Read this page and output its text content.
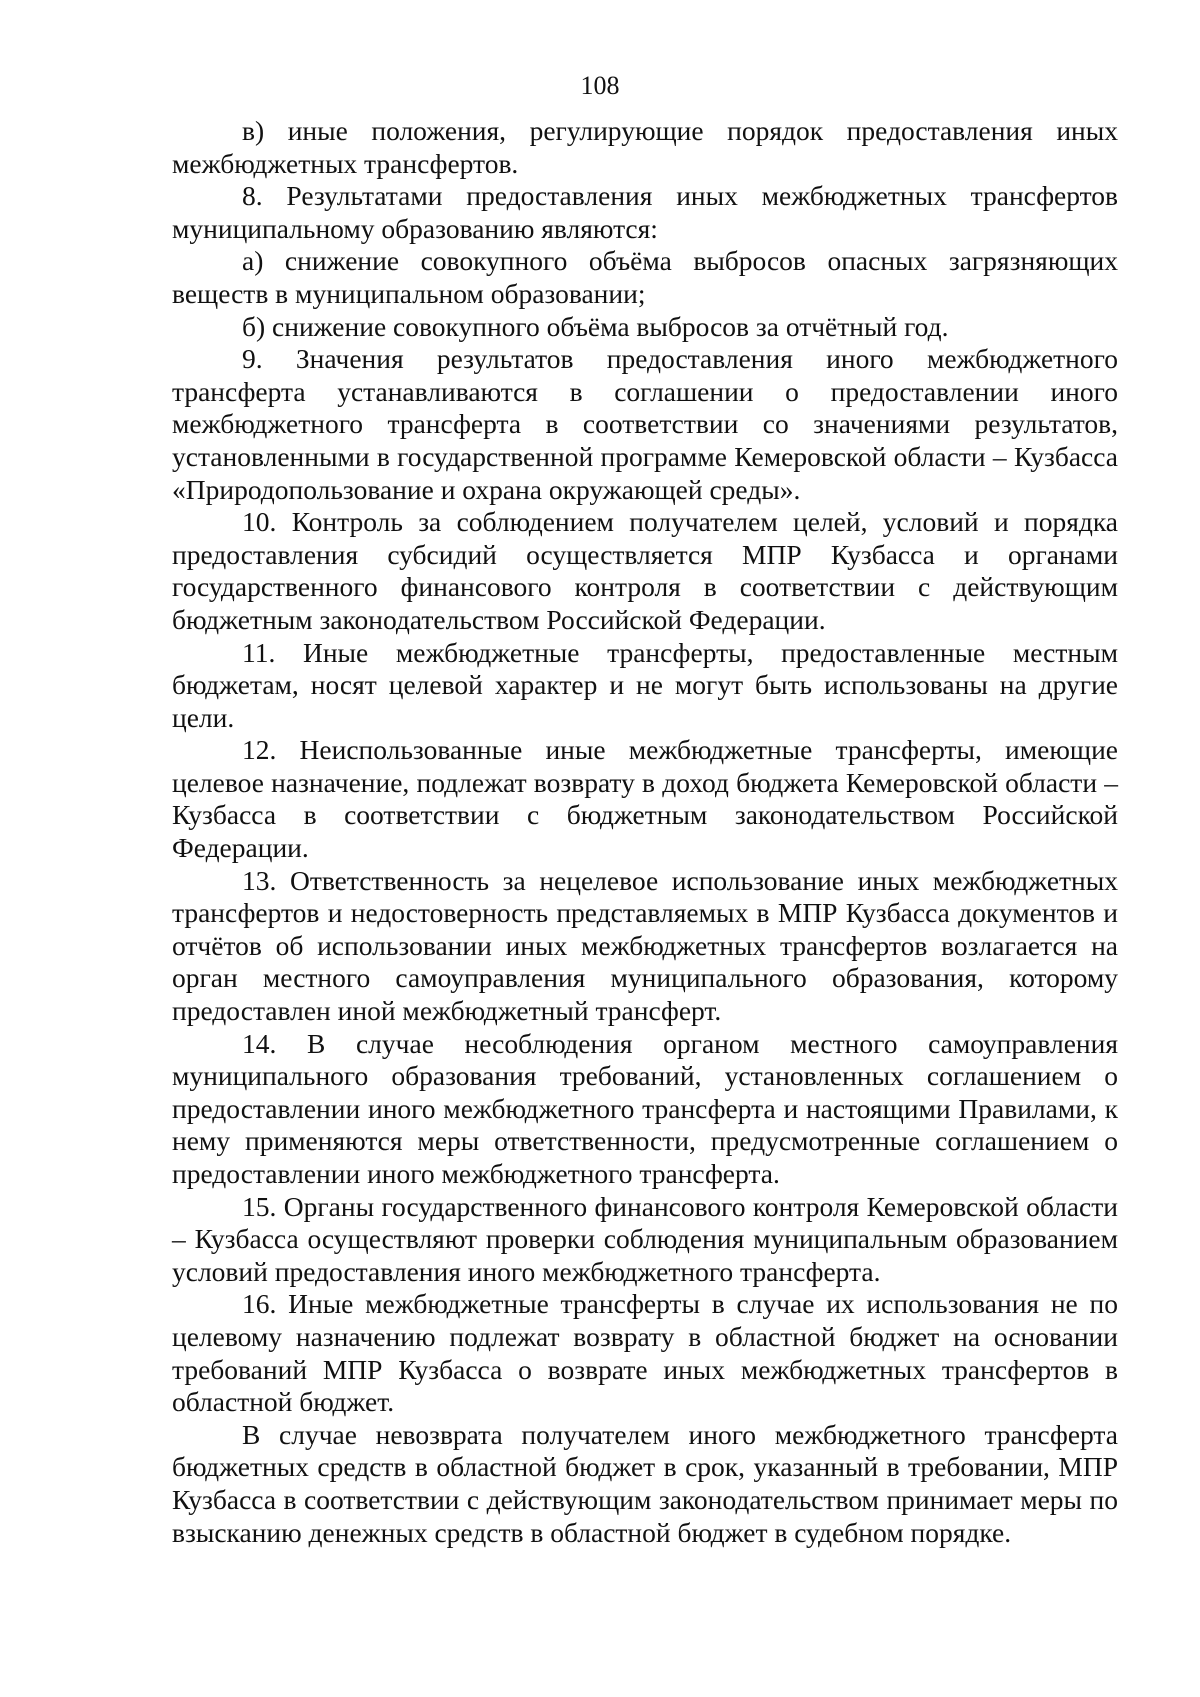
108

в) иные положения, регулирующие порядок предоставления иных межбюджетных трансфертов.

8. Результатами предоставления иных межбюджетных трансфертов муниципальному образованию являются:

а) снижение совокупного объёма выбросов опасных загрязняющих веществ в муниципальном образовании;

б) снижение совокупного объёма выбросов за отчётный год.

9. Значения результатов предоставления иного межбюджетного трансферта устанавливаются в соглашении о предоставлении иного межбюджетного трансферта в соответствии со значениями результатов, установленными в государственной программе Кемеровской области – Кузбасса «Природопользование и охрана окружающей среды».

10. Контроль за соблюдением получателем целей, условий и порядка предоставления субсидий осуществляется МПР Кузбасса и органами государственного финансового контроля в соответствии с действующим бюджетным законодательством Российской Федерации.

11. Иные межбюджетные трансферты, предоставленные местным бюджетам, носят целевой характер и не могут быть использованы на другие цели.

12. Неиспользованные иные межбюджетные трансферты, имеющие целевое назначение, подлежат возврату в доход бюджета Кемеровской области – Кузбасса в соответствии с бюджетным законодательством Российской Федерации.

13. Ответственность за нецелевое использование иных межбюджетных трансфертов и недостоверность представляемых в МПР Кузбасса документов и отчётов об использовании иных межбюджетных трансфертов возлагается на орган местного самоуправления муниципального образования, которому предоставлен иной межбюджетный трансферт.

14. В случае несоблюдения органом местного самоуправления муниципального образования требований, установленных соглашением о предоставлении иного межбюджетного трансферта и настоящими Правилами, к нему применяются меры ответственности, предусмотренные соглашением о предоставлении иного межбюджетного трансферта.

15. Органы государственного финансового контроля Кемеровской области – Кузбасса осуществляют проверки соблюдения муниципальным образованием условий предоставления иного межбюджетного трансферта.

16. Иные межбюджетные трансферты в случае их использования не по целевому назначению подлежат возврату в областной бюджет на основании требований МПР Кузбасса о возврате иных межбюджетных трансфертов в областной бюджет.

В случае невозврата получателем иного межбюджетного трансферта бюджетных средств в областной бюджет в срок, указанный в требовании, МПР Кузбасса в соответствии с действующим законодательством принимает меры по взысканию денежных средств в областной бюджет в судебном порядке.
